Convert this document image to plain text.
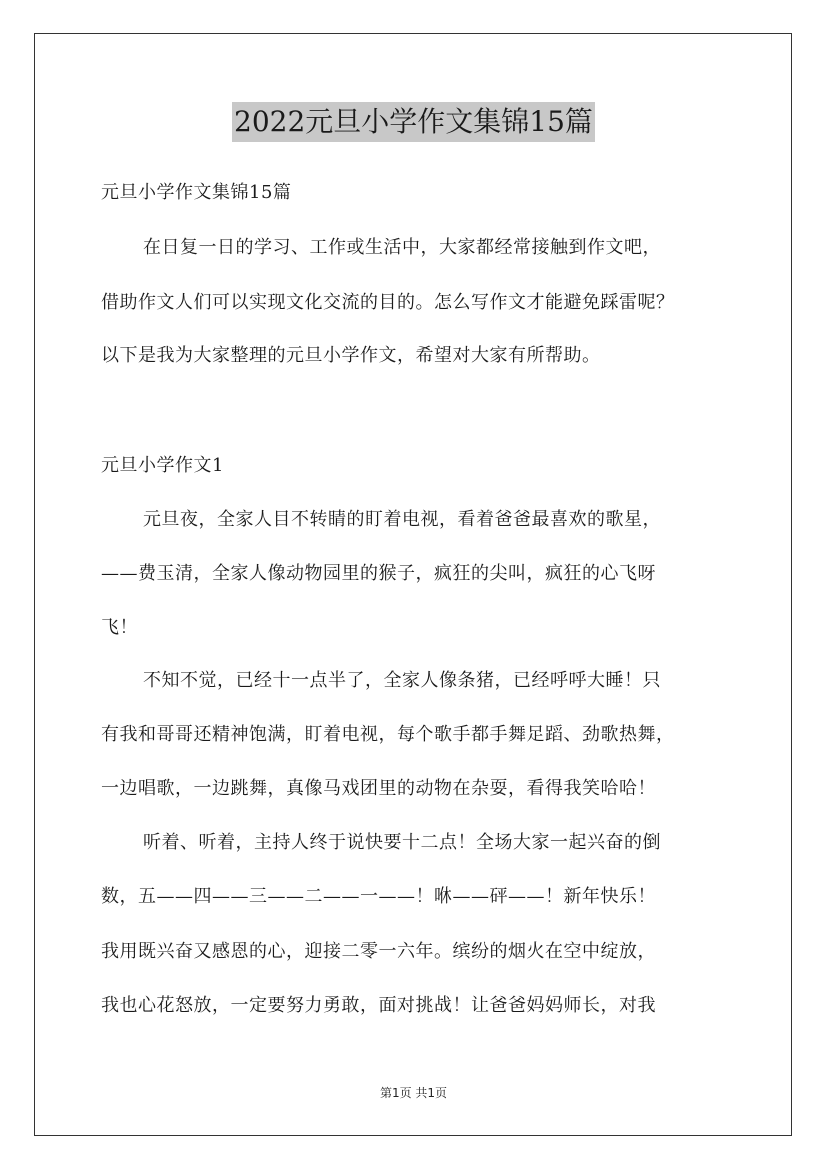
2022元旦小学作文集锦15篇
元旦小学作文集锦15篇
在日复一日的学习、工作或生活中，大家都经常接触到作文吧，
借助作文人们可以实现文化交流的目的。怎么写作文才能避免踩雷呢？
以下是我为大家整理的元旦小学作文，希望对大家有所帮助。
元旦小学作文1
元旦夜，全家人目不转睛的盯着电视，看着爸爸最喜欢的歌星，
——费玉清，全家人像动物园里的猴子，疯狂的尖叫，疯狂的心飞呀
飞！
不知不觉，已经十一点半了，全家人像条猪，已经呼呼大睡！只
有我和哥哥还精神饱满，盯着电视，每个歌手都手舞足蹈、劲歌热舞，
一边唱歌，一边跳舞，真像马戏团里的动物在杂耍，看得我笑哈哈！
听着、听着，主持人终于说快要十二点！全场大家一起兴奋的倒
数，五——四——三——二——一——！咻——砰——！新年快乐！
我用既兴奋又感恩的心，迎接二零一六年。缤纷的烟火在空中绽放，
我也心花怒放，一定要努力勇敢，面对挑战！让爸爸妈妈师长，对我
第1页 共1页
